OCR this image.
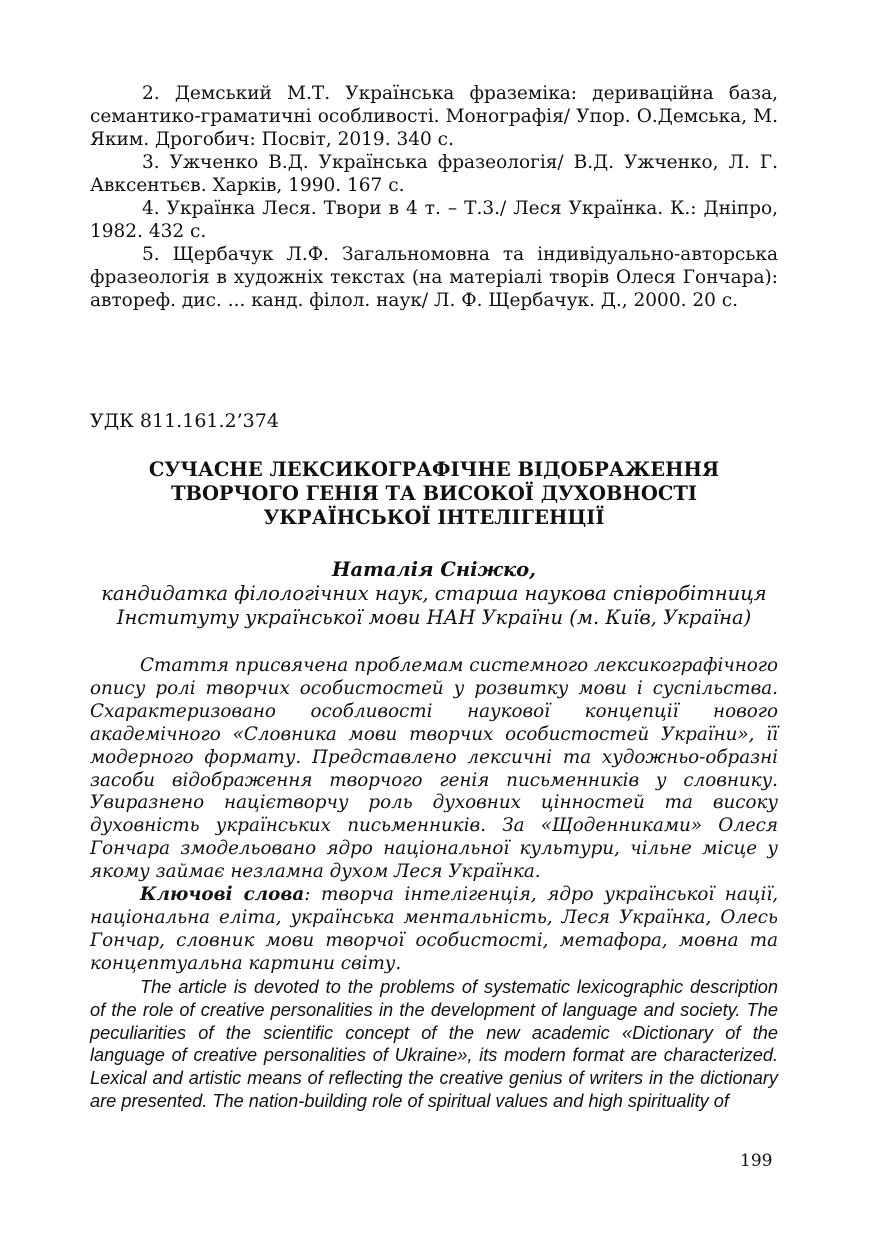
2. Демський М.Т. Українська фраземіка: дериваційна база, семантико-граматичні особливості. Монографія/ Упор. О.Демська, М. Яким. Дрогобич: Посвіт, 2019. 340 с.

3. Ужченко В.Д. Українська фразеологія/ В.Д. Ужченко, Л. Г. Авксентьєв. Харків, 1990. 167 с.

4. Українка Леся. Твори в 4 т. – Т.3./ Леся Українка. К.: Дніпро, 1982. 432 с.

5. Щербачук Л.Ф. Загальномовна та індивідуально-авторська фразеологія в художніх текстах (на матеріалі творів Олеся Гончара): автореф. дис. ... канд. філол. наук/ Л. Ф. Щербачук. Д., 2000. 20 с.

УДК 811.161.2’374
СУЧАСНЕ ЛЕКСИКОГРАФІЧНЕ ВІДОБРАЖЕННЯ
ТВОРЧОГО ГЕНІЯ ТА ВИСОКОЇ ДУХОВНОСТІ
УКРАЇНСЬКОЇ ІНТЕЛІГЕНЦІЇ
Наталія Сніжко,
кандидатка філологічних наук, старша наукова співробітниця
Інституту української мови НАН України (м. Київ, Україна)

Стаття присвячена проблемам системного лексикографічного опису ролі творчих особистостей у розвитку мови і суспільства. Схарактеризовано особливості наукової концепції нового академічного «Словника мови творчих особистостей України», її модерного формату. Представлено лексичні та художньо-образні засоби відображення творчого генія письменників у словнику. Увиразнено націєтворчу роль духовних цінностей та високу духовність українських письменників. За «Щоденниками» Олеся Гончара змодельовано ядро національної культури, чільне місце у якому займає незламна духом Леся Українка.

Ключові слова: творча інтелігенція, ядро української нації, національна еліта, українська ментальність, Леся Українка, Олесь Гончар, словник мови творчої особистості, метафора, мовна та концептуальна картини світу.

The article is devoted to the problems of systematic lexicographic description of the role of creative personalities in the development of language and society. The peculiarities of the scientific concept of the new academic «Dictionary of the language of creative personalities of Ukraine», its modern format are characterized. Lexical and artistic means of reflecting the creative genius of writers in the dictionary are presented. The nation-building role of spiritual values and high spirituality of

199
